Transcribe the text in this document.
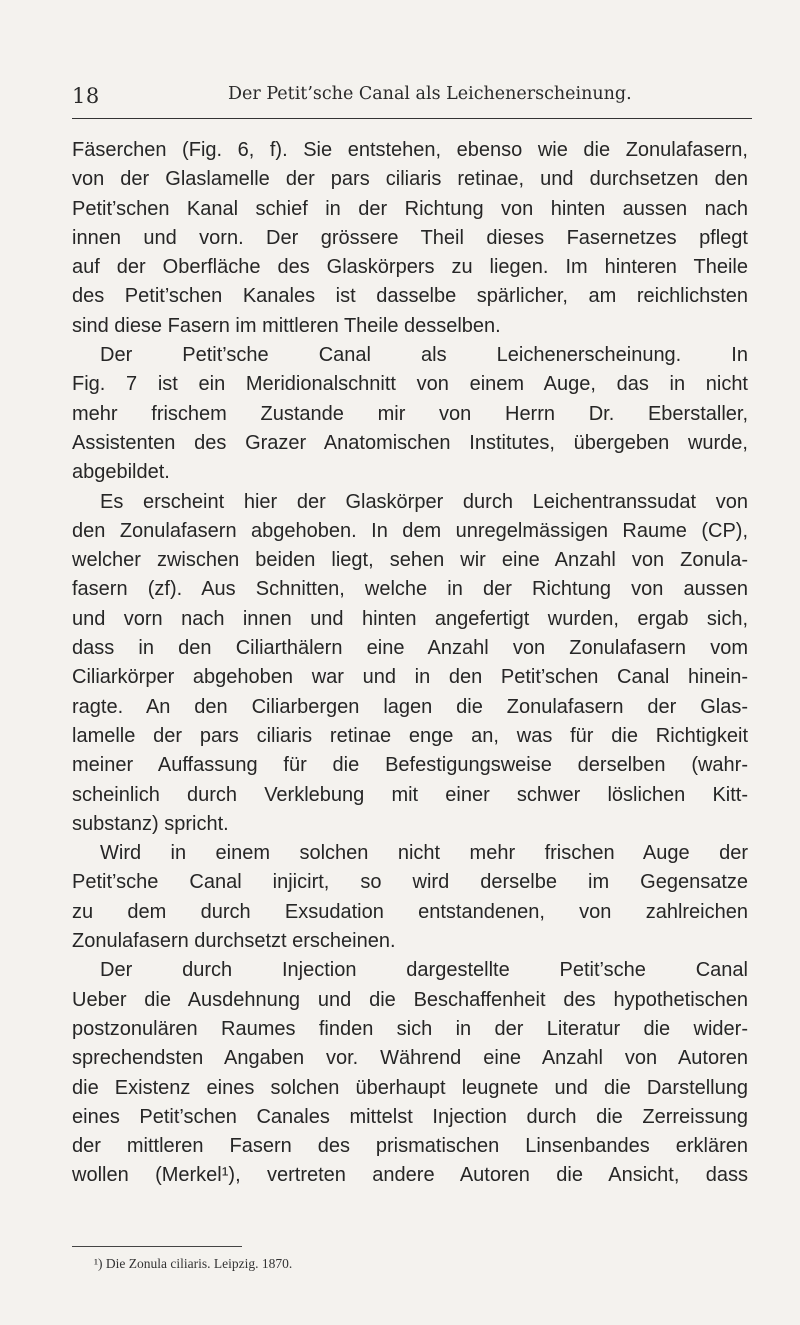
18	Der Petit’sche Canal als Leichenerscheinung.
Fäserchen (Fig. 6, f). Sie entstehen, ebenso wie die Zonulafasern,
von der Glaslamelle der pars ciliaris retinae, und durchsetzen den
Petit’schen Kanal schief in der Richtung von hinten aussen nach
innen und vorn. Der grössere Theil dieses Fasernetzes pflegt
auf der Oberfläche des Glaskörpers zu liegen. Im hinteren Theile
des Petit’schen Kanales ist dasselbe spärlicher, am reichlichsten
sind diese Fasern im mittleren Theile desselben.
Der Petit’sche Canal als Leichenerscheinung. In
Fig. 7 ist ein Meridionalschnitt von einem Auge, das in nicht
mehr frischem Zustande mir von Herrn Dr. Eberstaller,
Assistenten des Grazer Anatomischen Institutes, übergeben wurde,
abgebildet.
Es erscheint hier der Glaskörper durch Leichentranssudat von
den Zonulafasern abgehoben. In dem unregelmässigen Raume (CP),
welcher zwischen beiden liegt, sehen wir eine Anzahl von Zonula-
fasern (zf). Aus Schnitten, welche in der Richtung von aussen
und vorn nach innen und hinten angefertigt wurden, ergab sich,
dass in den Ciliarthälern eine Anzahl von Zonulafasern vom
Ciliarkörper abgehoben war und in den Petit’schen Canal hinein-
ragte. An den Ciliarbergen lagen die Zonulafasern der Glas-
lamelle der pars ciliaris retinae enge an, was für die Richtigkeit
meiner Auffassung für die Befestigungsweise derselben (wahr-
scheinlich durch Verklebung mit einer schwer löslichen Kitt-
substanz) spricht.
Wird in einem solchen nicht mehr frischen Auge der
Petit’sche Canal injicirt, so wird derselbe im Gegensatze
zu dem durch Exsudation entstandenen, von zahlreichen
Zonulafasern durchsetzt erscheinen.
Der durch Injection dargestellte Petit’sche Canal
Ueber die Ausdehnung und die Beschaffenheit des hypothetischen
postzonulären Raumes finden sich in der Literatur die wider-
sprechendsten Angaben vor. Während eine Anzahl von Autoren
die Existenz eines solchen überhaupt leugnete und die Darstellung
eines Petit’schen Canales mittelst Injection durch die Zerreissung
der mittleren Fasern des prismatischen Linsenbandes erklären
wollen (Merkel¹), vertreten andere Autoren die Ansicht, dass
¹) Die Zonula ciliaris. Leipzig. 1870.
